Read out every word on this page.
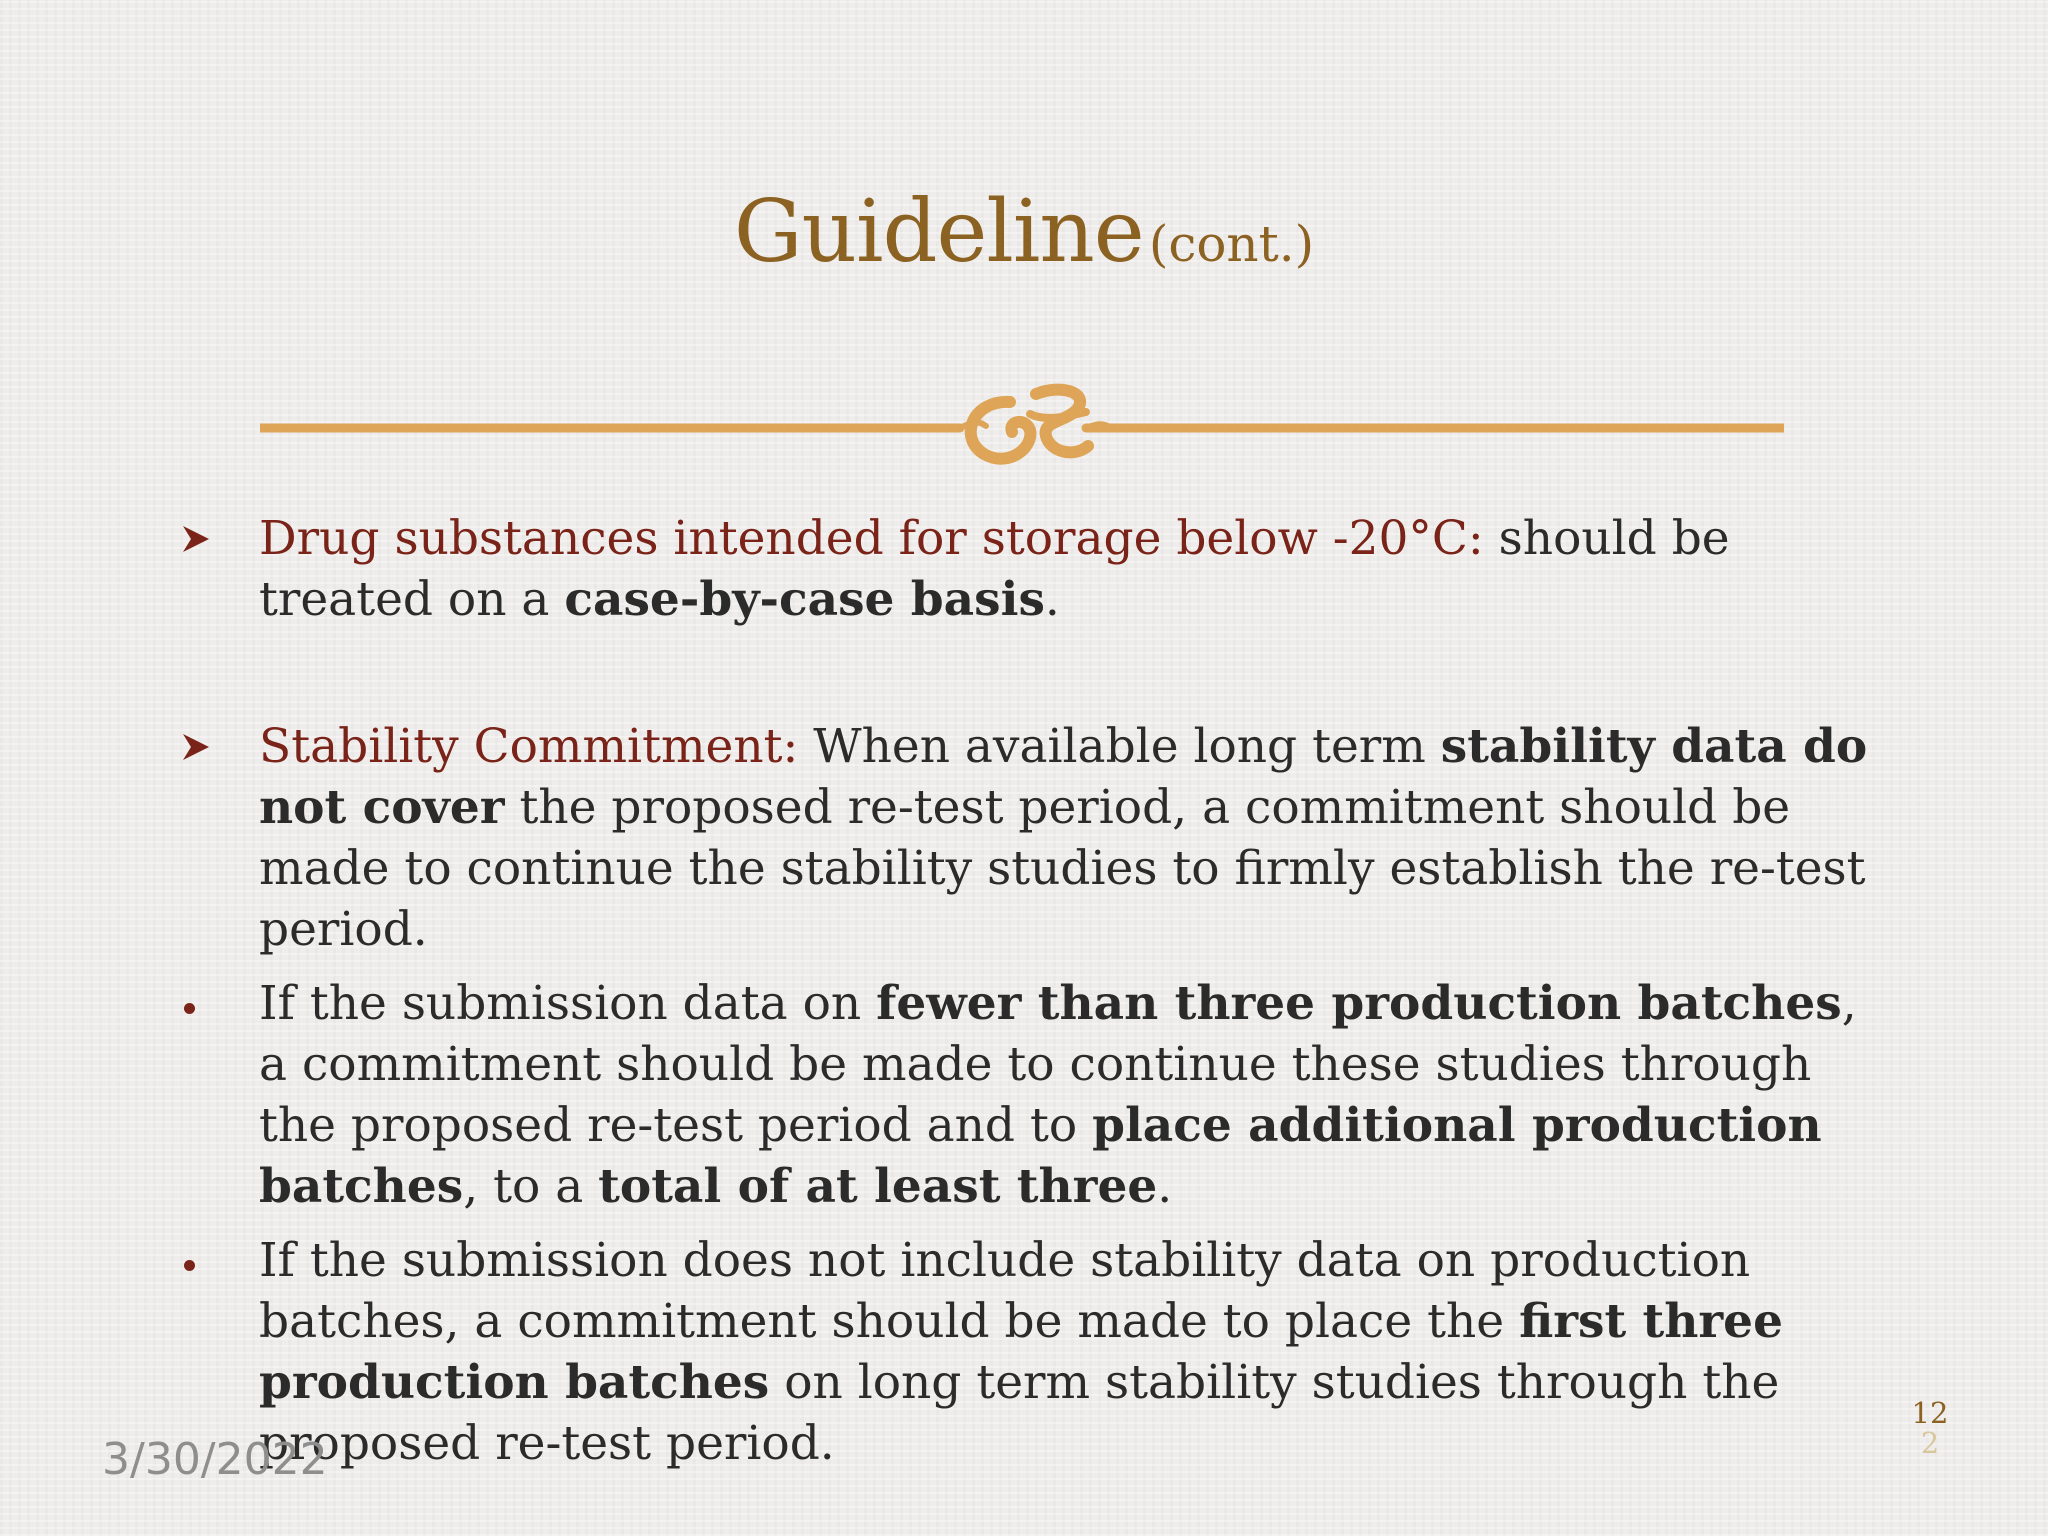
Guideline (cont.)
Drug substances intended for storage below -20°C: should be treated on a case-by-case basis.
Stability Commitment: When available long term stability data do not cover the proposed re-test period, a commitment should be made to continue the stability studies to firmly establish the re-test period.
If the submission data on fewer than three production batches, a commitment should be made to continue these studies through the proposed re-test period and to place additional production batches, to a total of at least three.
If the submission does not include stability data on production batches, a commitment should be made to place the first three production batches on long term stability studies through the proposed re-test period.
3/30/2022
12
2
